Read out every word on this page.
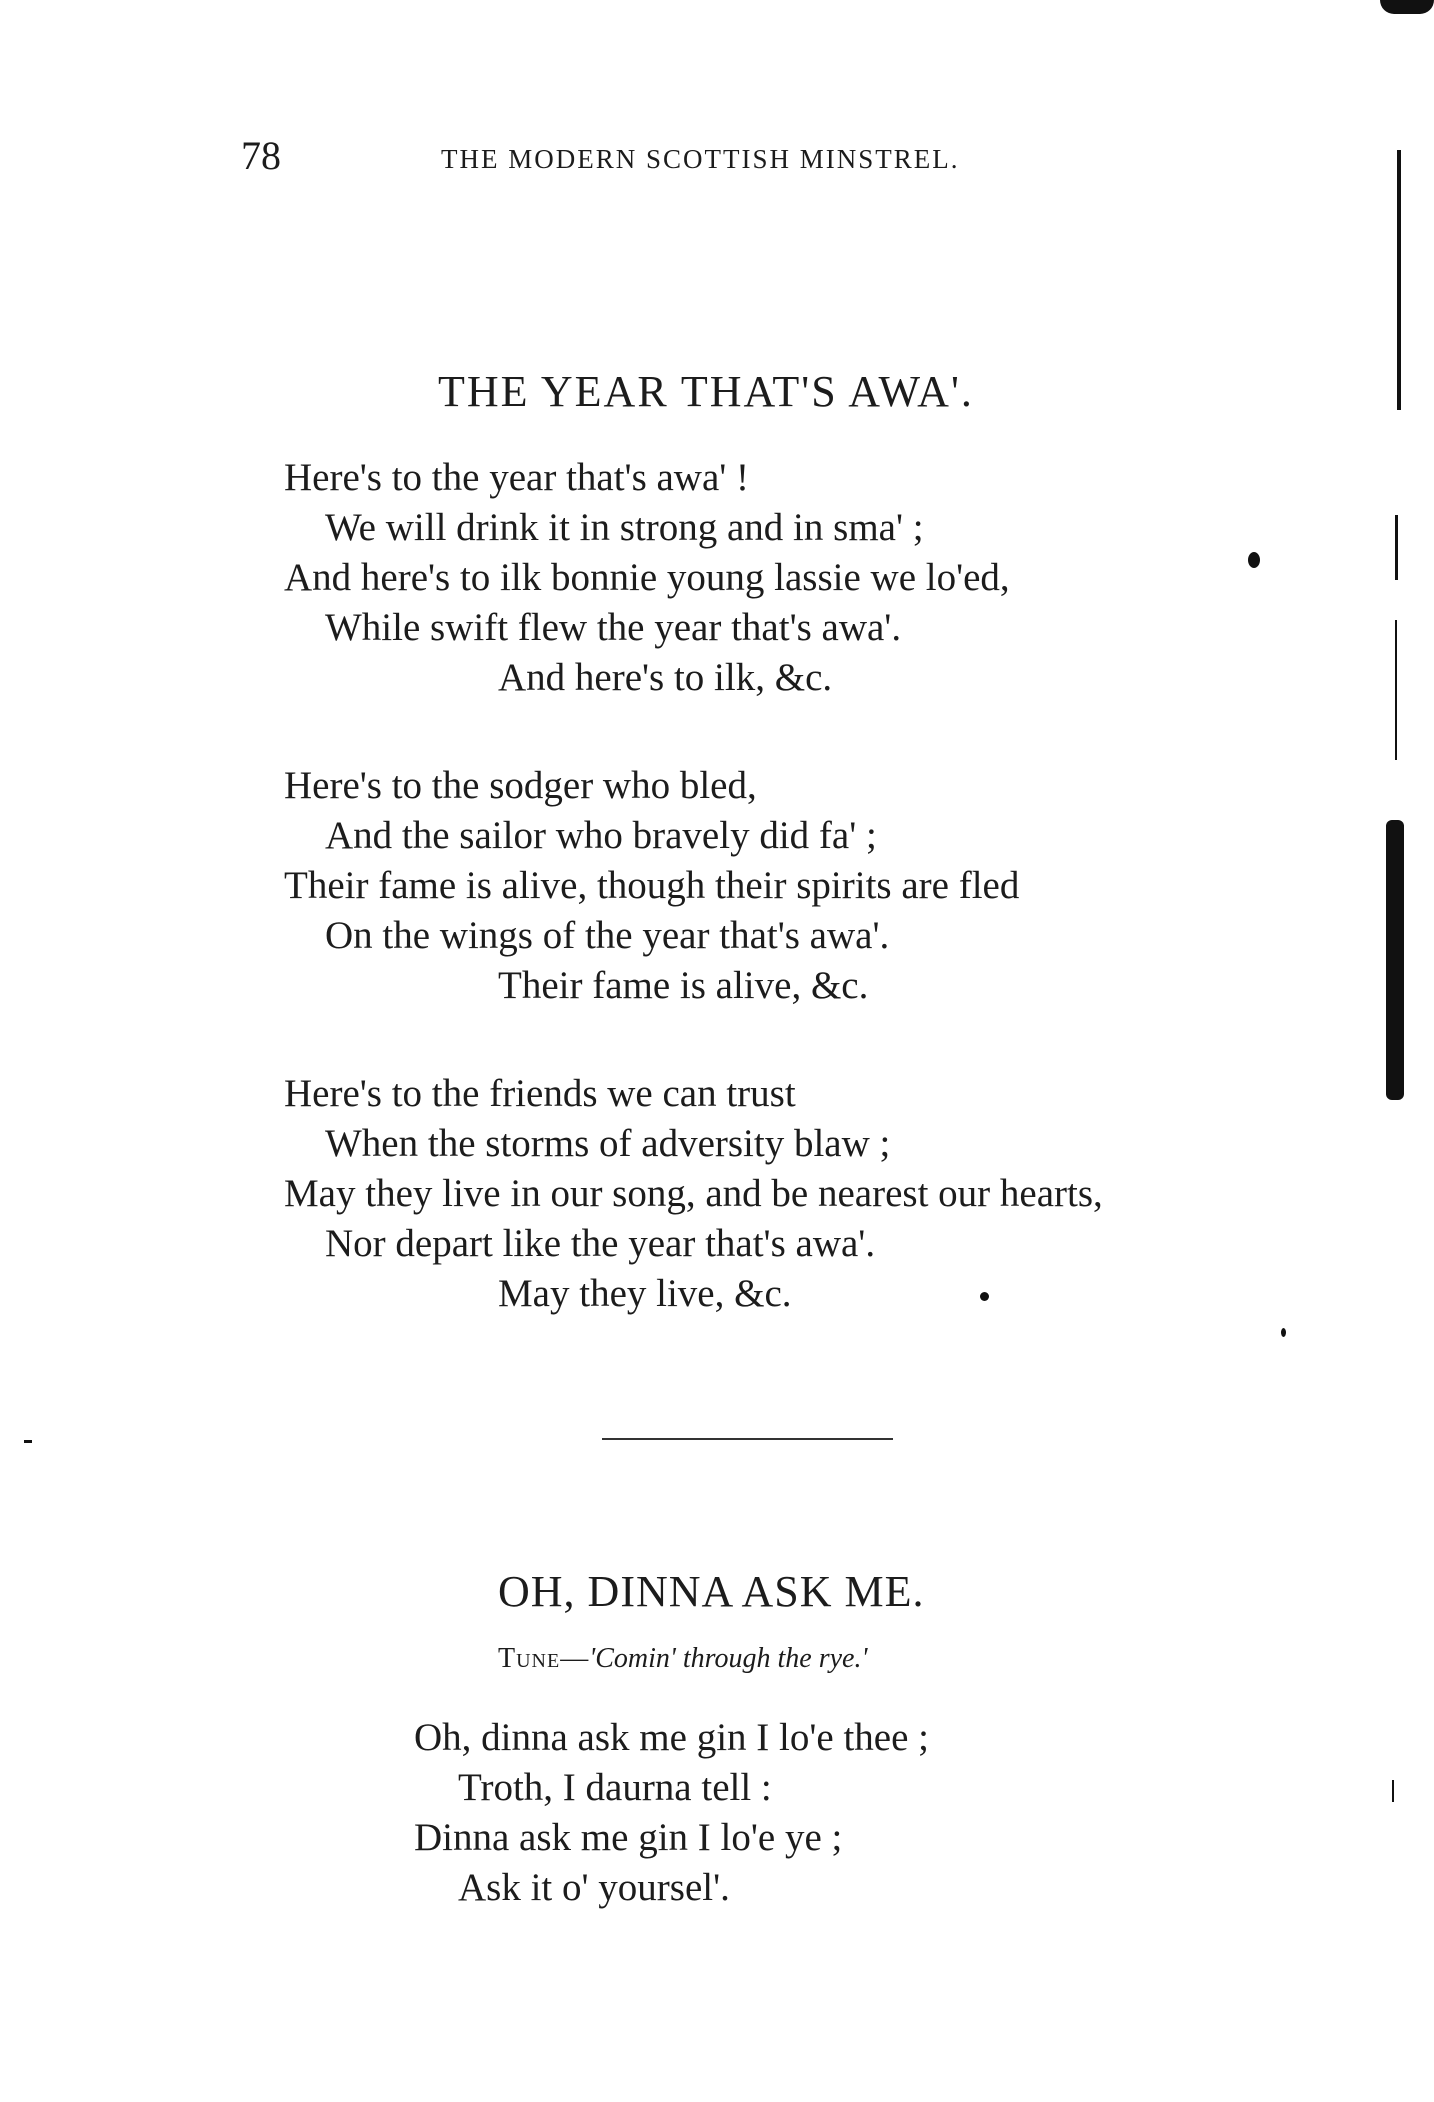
78	THE MODERN SCOTTISH MINSTREL.
THE YEAR THAT'S AWA'.
Here's to the year that's awa' !
We will drink it in strong and in sma' ;
And here's to ilk bonnie young lassie we lo'ed,
While swift flew the year that's awa'.
And here's to ilk, &c.
Here's to the sodger who bled,
And the sailor who bravely did fa' ;
Their fame is alive, though their spirits are fled
On the wings of the year that's awa'.
Their fame is alive, &c.
Here's to the friends we can trust
When the storms of adversity blaw ;
May they live in our song, and be nearest our hearts,
Nor depart like the year that's awa'.
May they live, &c.
OH, DINNA ASK ME.
Tune—'Comin' through the rye.'
Oh, dinna ask me gin I lo'e thee ;
Troth, I daurna tell :
Dinna ask me gin I lo'e ye ;
Ask it o' yoursel'.
